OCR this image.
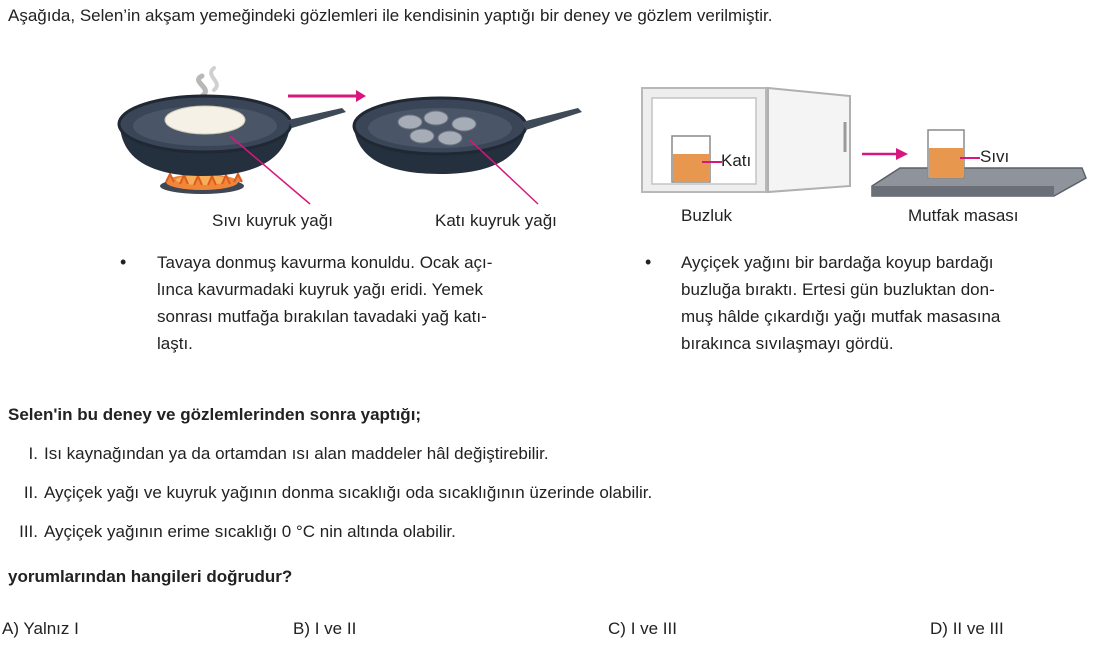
Aşağıda, Selen’in akşam yemeğindeki gözlemleri ile kendisinin yaptığı bir deney ve gözlem verilmiştir.
Sıvı kuyruk yağı	Katı kuyruk yağı
• Tavaya donmuş kavurma konuldu. Ocak açı-
lınca kavurmadaki kuyruk yağı eridi. Yemek
sonrası mutfağa bırakılan tavadaki yağ katı-
laştı.
Katı	Sıvı
Buzluk	Mutfak masası
• Ayçiçek yağını bir bardağa koyup bardağı
buzluğa bıraktı. Ertesi gün buzluktan don-
muş hâlde çıkardığı yağı mutfak masasına
bırakınca sıvılaşmayı gördü.
Selen'in bu deney ve gözlemlerinden sonra yaptığı;
I. Isı kaynağından ya da ortamdan ısı alan maddeler hâl değiştirebilir.
II. Ayçiçek yağı ve kuyruk yağının donma sıcaklığı oda sıcaklığının üzerinde olabilir.
III. Ayçiçek yağının erime sıcaklığı 0 °C nin altında olabilir.
yorumlarından hangileri doğrudur?
A) Yalnız I	B) I ve II	C) I ve III	D) II ve III
